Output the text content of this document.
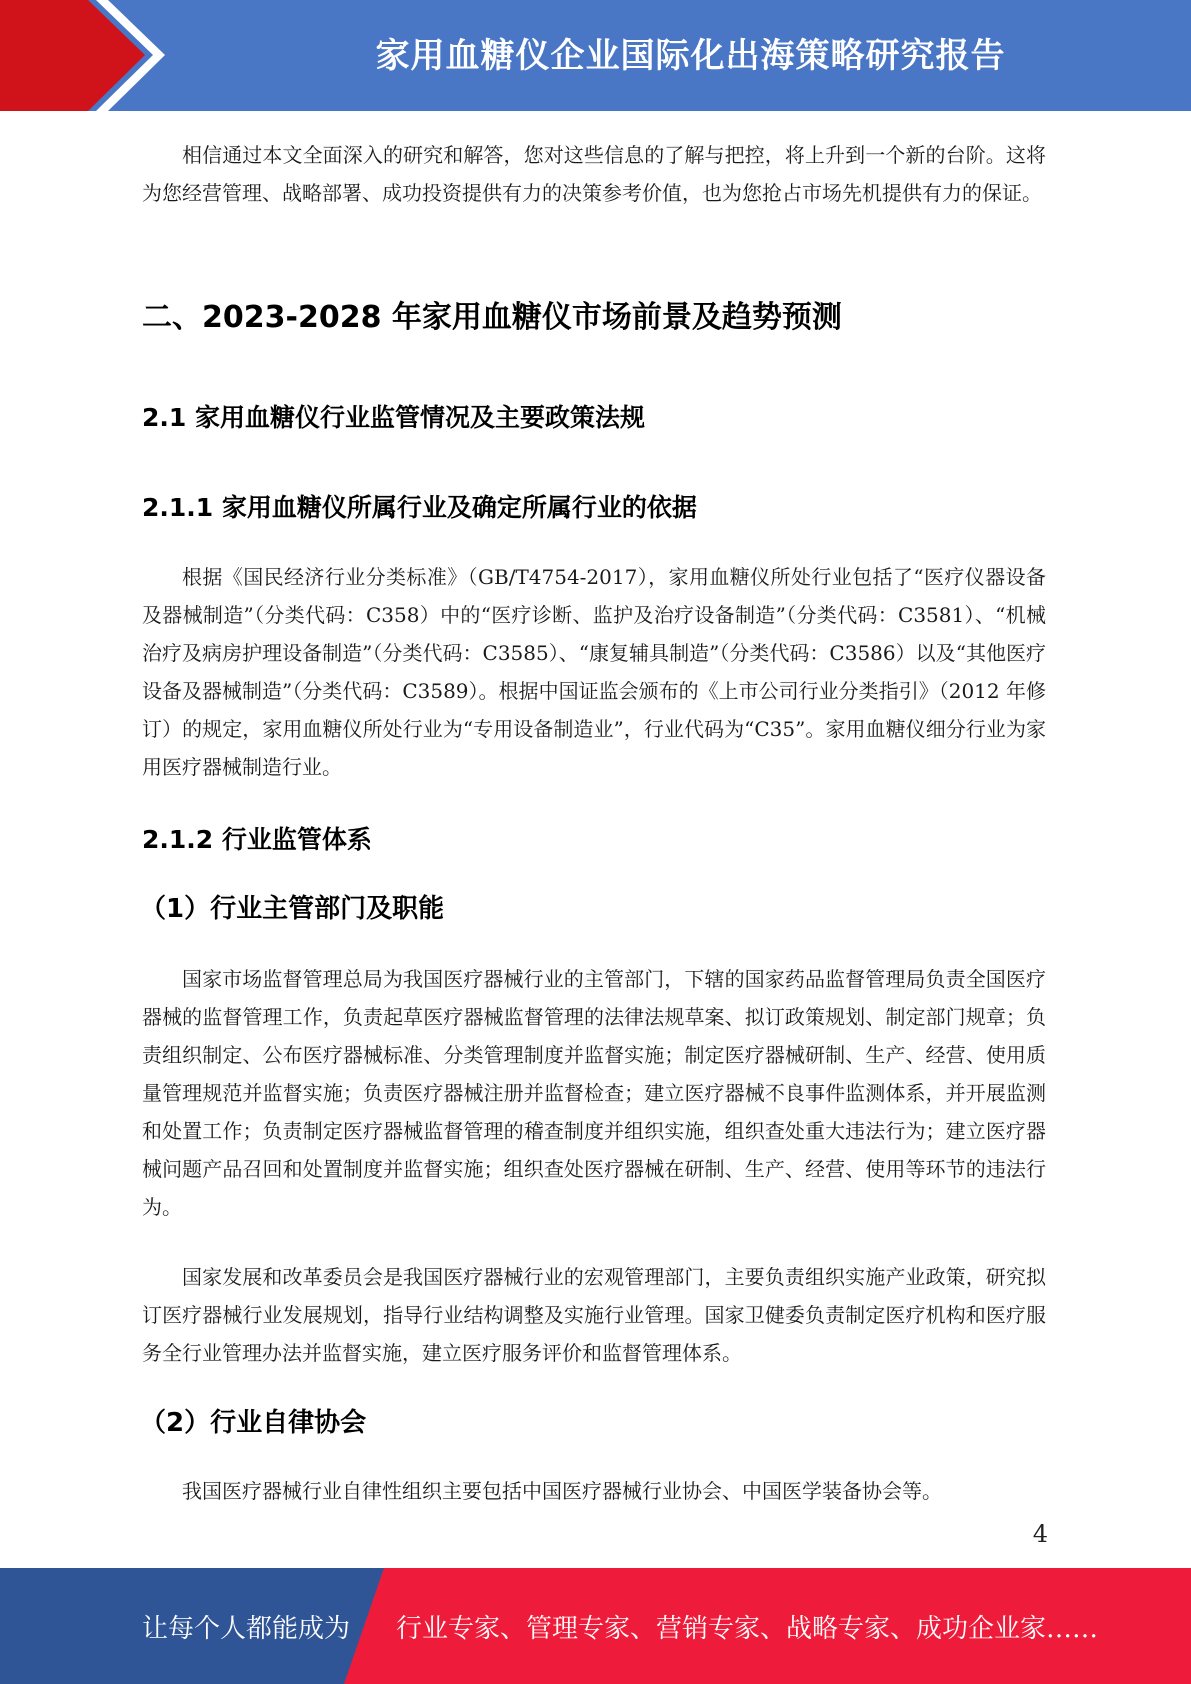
家用血糖仪企业国际化出海策略研究报告

相信通过本文全面深入的研究和解答，您对这些信息的了解与把控，将上升到一个新的台阶。这将为您经营管理、战略部署、成功投资提供有力的决策参考价值，也为您抢占市场先机提供有力的保证。

二、2023-2028 年家用血糖仪市场前景及趋势预测
2.1 家用血糖仪行业监管情况及主要政策法规
2.1.1 家用血糖仪所属行业及确定所属行业的依据

根据《国民经济行业分类标准》（GB/T4754-2017），家用血糖仪所处行业包括了“医疗仪器设备及器械制造”（分类代码：C358）中的“医疗诊断、监护及治疗设备制造”（分类代码：C3581）、“机械治疗及病房护理设备制造”（分类代码：C3585）、“康复辅具制造”（分类代码：C3586）以及“其他医疗设备及器械制造”（分类代码：C3589）。根据中国证监会颁布的《上市公司行业分类指引》（2012 年修订）的规定，家用血糖仪所处行业为“专用设备制造业”，行业代码为“C35”。家用血糖仪细分行业为家用医疗器械制造行业。

2.1.2 行业监管体系
（1）行业主管部门及职能

国家市场监督管理总局为我国医疗器械行业的主管部门，下辖的国家药品监督管理局负责全国医疗器械的监督管理工作，负责起草医疗器械监督管理的法律法规草案、拟订政策规划、制定部门规章；负责组织制定、公布医疗器械标准、分类管理制度并监督实施；制定医疗器械研制、生产、经营、使用质量管理规范并监督实施；负责医疗器械注册并监督检查；建立医疗器械不良事件监测体系，并开展监测和处置工作；负责制定医疗器械监督管理的稽查制度并组织实施，组织查处重大违法行为；建立医疗器械问题产品召回和处置制度并监督实施；组织查处医疗器械在研制、生产、经营、使用等环节的违法行为。

国家发展和改革委员会是我国医疗器械行业的宏观管理部门，主要负责组织实施产业政策，研究拟订医疗器械行业发展规划，指导行业结构调整及实施行业管理。国家卫健委负责制定医疗机构和医疗服务全行业管理办法并监督实施，建立医疗服务评价和监督管理体系。

（2）行业自律协会

我国医疗器械行业自律性组织主要包括中国医疗器械行业协会、中国医学装备协会等。

4
让每个人都能成为 行业专家、管理专家、营销专家、战略专家、成功企业家……
